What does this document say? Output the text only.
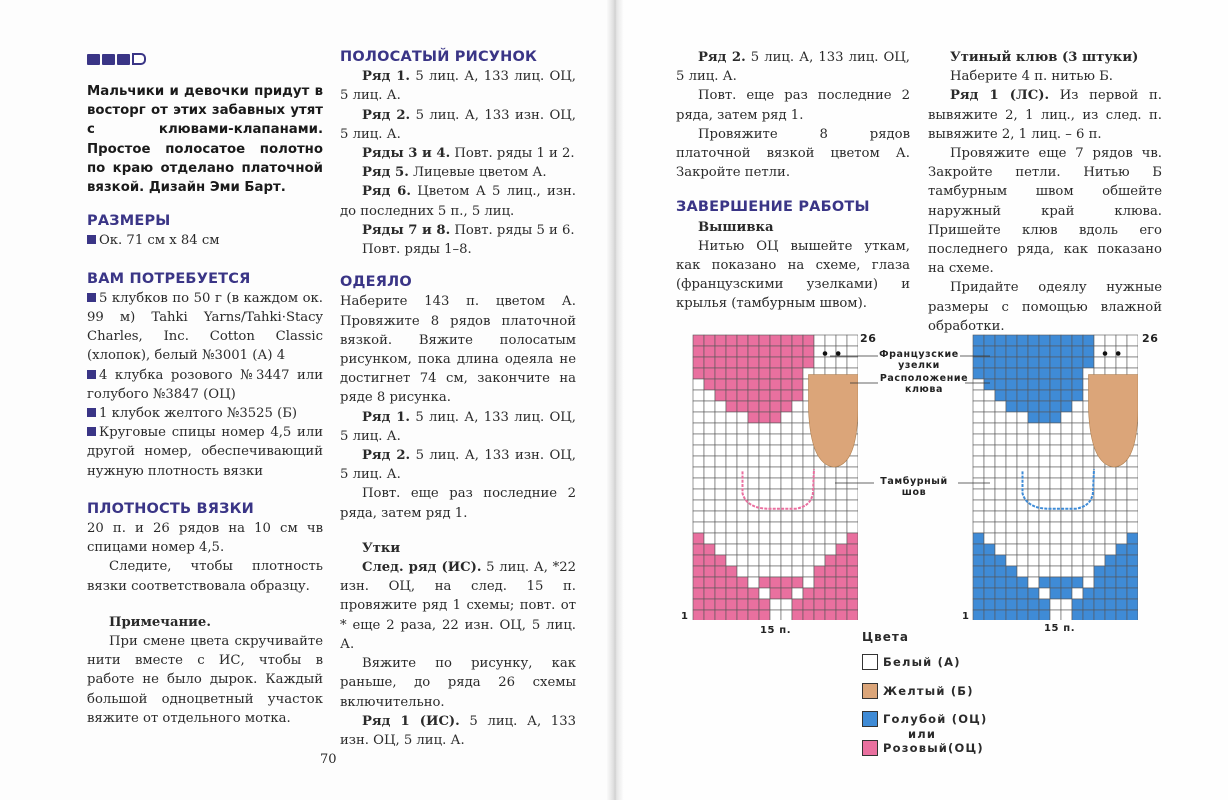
Мальчики и девочки придут в восторг от этих забавных утят с клювами-клапанами. Простое полосатое полотно по краю отделано платочной вязкой. Дизайн Эми Барт.

РАЗМЕРЫ

Ок. 71 см x 84 см

ВАМ ПОТРЕБУЕТСЯ

5 клубков по 50 г (в каждом ок. 99 м) Tahki Yarns/Tahki·Stacy Charles, Inc. Cotton Classic (хлопок), белый №3001 (А) 4

4 клубка розового №3447 или голубого №3847 (ОЦ)

1 клубок желтого №3525 (Б)

Круговые спицы номер 4,5 или другой номер, обеспечивающий нужную плотность вязки

ПЛОТНОСТЬ ВЯЗКИ

20 п. и 26 рядов на 10 см чв спицами номер 4,5.

Следите, чтобы плотность вязки соответствовала образцу.

Примечание.

При смене цвета скручивайте нити вместе с ИС, чтобы в работе не было дырок. Каждый большой одноцветный участок вяжите от отдельного мотка.

ПОЛОСАТЫЙ РИСУНОК

Ряд 1. 5 лиц. А, 133 лиц. ОЦ, 5 лиц. А.

Ряд 2. 5 лиц. А, 133 изн. ОЦ, 5 лиц. А.

Ряды 3 и 4. Повт. ряды 1 и 2.

Ряд 5. Лицевые цветом А.

Ряд 6. Цветом А 5 лиц., изн. до последних 5 п., 5 лиц.

Ряды 7 и 8. Повт. ряды 5 и 6.

Повт. ряды 1–8.

ОДЕЯЛО

Наберите 143 п. цветом А. Провяжите 8 рядов платочной вязкой. Вяжите полосатым рисунком, пока длина одеяла не достигнет 74 см, закончите на ряде 8 рисунка.

Ряд 1. 5 лиц. А, 133 лиц. ОЦ, 5 лиц. А.

Ряд 2. 5 лиц. А, 133 изн. ОЦ, 5 лиц. А.

Повт. еще раз последние 2 ряда, затем ряд 1.

Утки

След. ряд (ИС). 5 лиц. А, *22 изн. ОЦ, на след. 15 п. провяжите ряд 1 схемы; повт. от * еще 2 раза, 22 изн. ОЦ, 5 лиц. А.

Вяжите по рисунку, как раньше, до ряда 26 схемы включительно.

Ряд 1 (ИС). 5 лиц. А, 133 изн. ОЦ, 5 лиц. А.

70

Ряд 2. 5 лиц. А, 133 лиц. ОЦ, 5 лиц. А.

Повт. еще раз последние 2 ряда, затем ряд 1.

Провяжите 8 рядов платочной вязкой цветом А. Закройте петли.

ЗАВЕРШЕНИЕ РАБОТЫ

Вышивка

Нитью ОЦ вышейте уткам, как показано на схеме, глаза (французскими узелками) и крылья (тамбурным швом).

Утиный клюв (3 штуки)

Наберите 4 п. нитью Б.

Ряд 1 (ЛС). Из первой п. вывяжите 2, 1 лиц., из след. п. вывяжите 2, 1 лиц. – 6 п.

Провяжите еще 7 рядов чв. Закройте петли. Нитью Б тамбурным швом обшейте наружный край клюва. Пришейте клюв вдоль его последнего ряда, как показано на схеме.

Придайте одеялу нужные размеры с помощью влажной обработки.

26	26
1	1
15 п.	15 п.
Французские узелки
Расположение клюва
Тамбурный шов
Цвета
Белый (А)
Желтый (Б)
Голубой (ОЦ)
или
Розовый(ОЦ)
